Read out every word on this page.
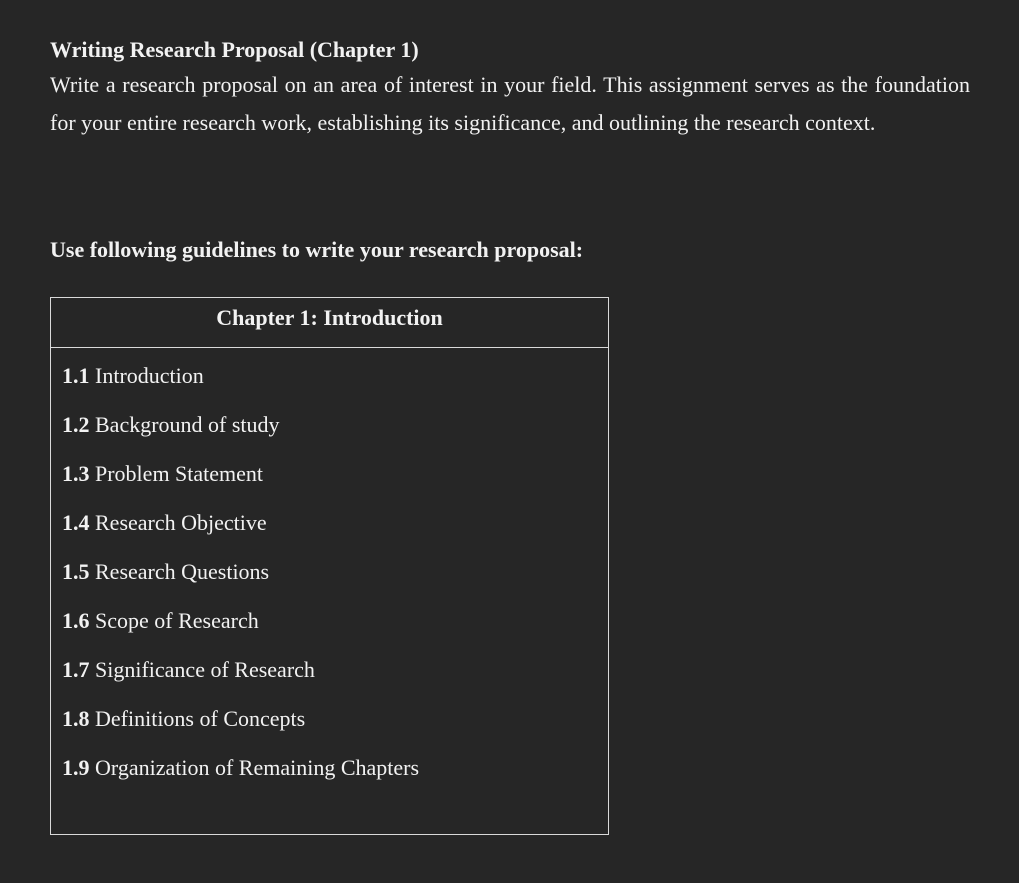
Writing Research Proposal (Chapter 1)

Write a research proposal on an area of interest in your field. This assignment serves as the foundation for your entire research work, establishing its significance, and outlining the research context.

Use following guidelines to write your research proposal:

Chapter 1: Introduction
1.1 Introduction
1.2 Background of study
1.3 Problem Statement
1.4 Research Objective
1.5 Research Questions
1.6 Scope of Research
1.7 Significance of Research
1.8 Definitions of Concepts
1.9 Organization of Remaining Chapters
